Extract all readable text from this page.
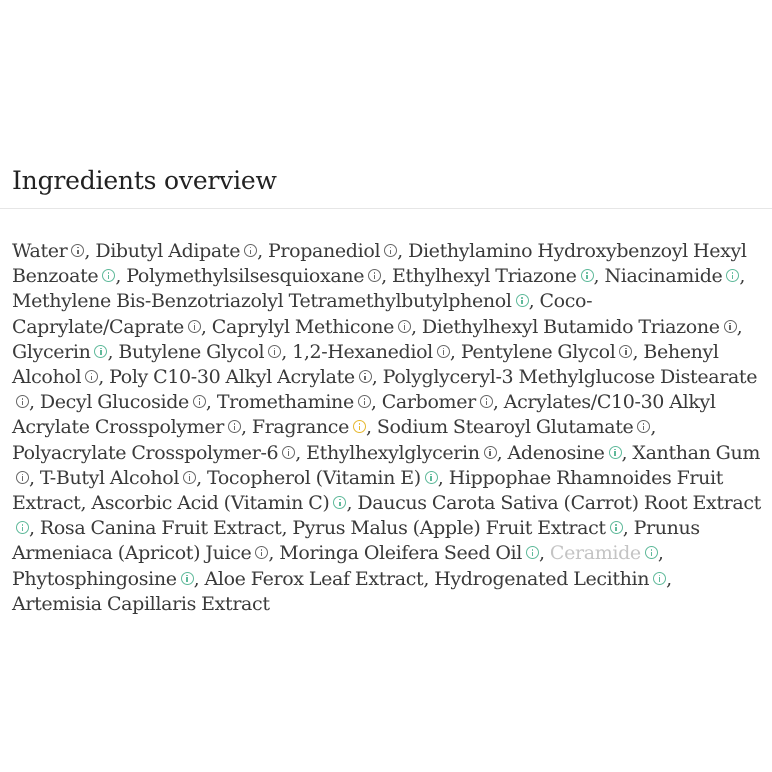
Ingredients overview

Water , Dibutyl Adipate , Propanediol , Diethylamino Hydroxybenzoyl Hexyl Benzoate , Polymethylsilsesquioxane , Ethylhexyl Triazone , Niacinamide , Methylene Bis-Benzotriazolyl Tetramethylbutylphenol , Coco-Caprylate/Caprate , Caprylyl Methicone , Diethylhexyl Butamido Triazone , Glycerin , Butylene Glycol , 1,2-Hexanediol , Pentylene Glycol , Behenyl Alcohol , Poly C10-30 Alkyl Acrylate , Polyglyceryl-3 Methylglucose Distearate, Decyl Glucoside , Tromethamine , Carbomer , Acrylates/C10-30 Alkyl Acrylate Crosspolymer , Fragrance , Sodium Stearoyl Glutamate , Polyacrylate Crosspolymer-6 , Ethylhexylglycerin , Adenosine , Xanthan Gum, T-Butyl Alcohol , Tocopherol (Vitamin E) , Hippophae Rhamnoides Fruit Extract, Ascorbic Acid (Vitamin C) , Daucus Carota Sativa (Carrot) Root Extract, Rosa Canina Fruit Extract, Pyrus Malus (Apple) Fruit Extract , Prunus Armeniaca (Apricot) Juice , Moringa Oleifera Seed Oil , Ceramide , Phytosphingosine , Aloe Ferox Leaf Extract, Hydrogenated Lecithin , Artemisia Capillaris Extract
